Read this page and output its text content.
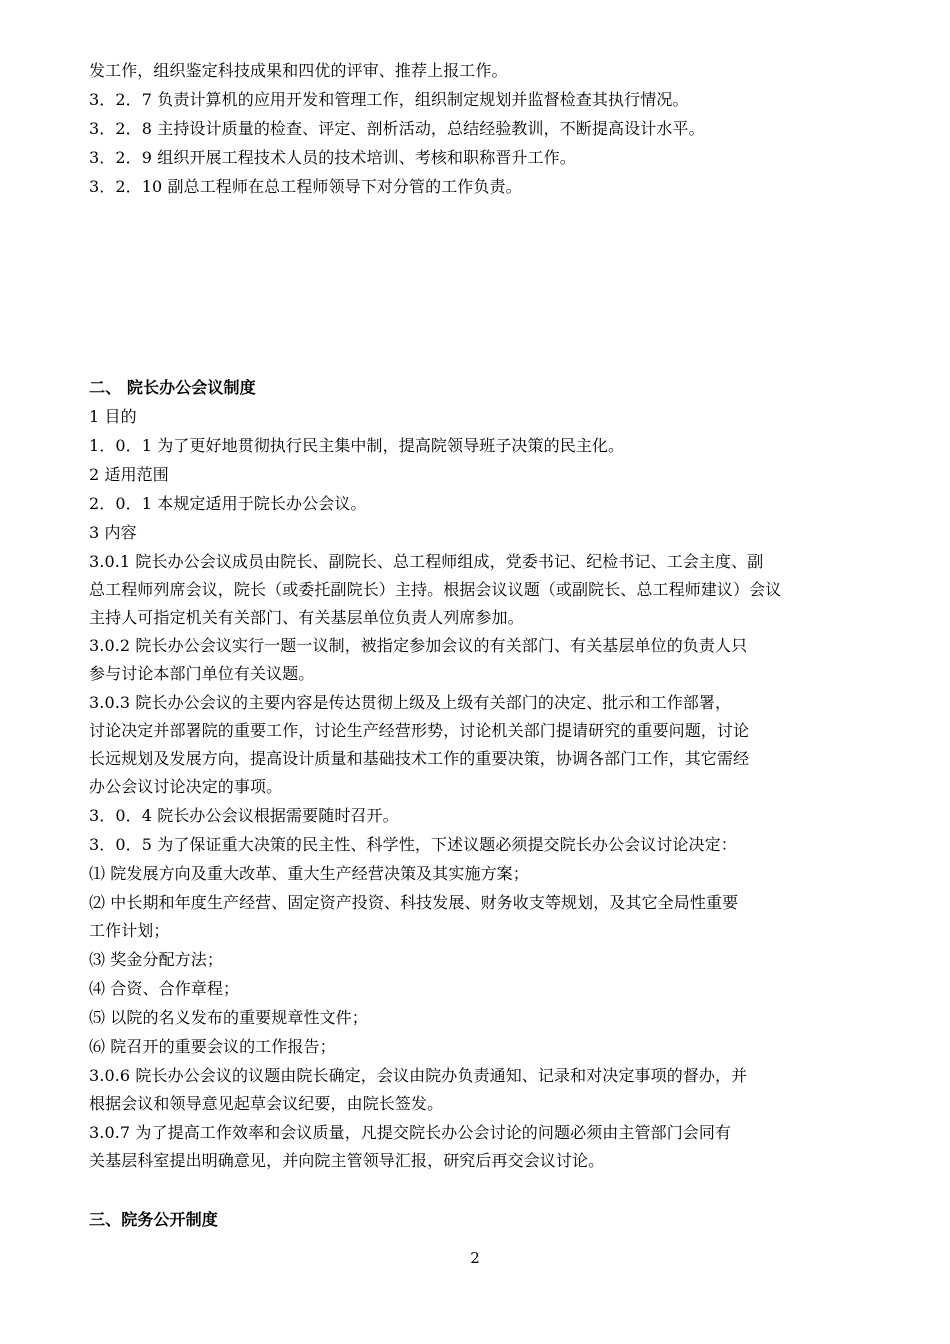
发工作，组织鉴定科技成果和四优的评审、推荐上报工作。
3．2．7 负责计算机的应用开发和管理工作，组织制定规划并监督检查其执行情况。
3．2．8 主持设计质量的检查、评定、剖析活动，总结经验教训，不断提高设计水平。
3．2．9 组织开展工程技术人员的技术培训、考核和职称晋升工作。
3．2．10 副总工程师在总工程师领导下对分管的工作负责。
二、 院长办公会议制度
1 目的
1．0．1 为了更好地贯彻执行民主集中制，提高院领导班子决策的民主化。
2 适用范围
2．0．1 本规定适用于院长办公会议。
3 内容
3.0.1 院长办公会议成员由院长、副院长、总工程师组成，党委书记、纪检书记、工会主度、副
总工程师列席会议，院长（或委托副院长）主持。根据会议议题（或副院长、总工程师建议）会议
主持人可指定机关有关部门、有关基层单位负责人列席参加。
3.0.2 院长办公会议实行一题一议制，被指定参加会议的有关部门、有关基层单位的负责人只
参与讨论本部门单位有关议题。
3.0.3 院长办公会议的主要内容是传达贯彻上级及上级有关部门的决定、批示和工作部署，
讨论决定并部署院的重要工作，讨论生产经营形势，讨论机关部门提请研究的重要问题，讨论
长远规划及发展方向，提高设计质量和基础技术工作的重要决策，协调各部门工作，其它需经
办公会议讨论决定的事项。
3．0．4 院长办公会议根据需要随时召开。
3．0．5 为了保证重大决策的民主性、科学性，下述议题必须提交院长办公会议讨论决定：
⑴ 院发展方向及重大改革、重大生产经营决策及其实施方案；
⑵ 中长期和年度生产经营、固定资产投资、科技发展、财务收支等规划，及其它全局性重要
工作计划；
⑶ 奖金分配方法；
⑷ 合资、合作章程；
⑸ 以院的名义发布的重要规章性文件；
⑹ 院召开的重要会议的工作报告；
3.0.6 院长办公会议的议题由院长确定，会议由院办负责通知、记录和对决定事项的督办，并
根据会议和领导意见起草会议纪要，由院长签发。
3.0.7 为了提高工作效率和会议质量，凡提交院长办公会讨论的问题必须由主管部门会同有
关基层科室提出明确意见，并向院主管领导汇报，研究后再交会议讨论。
三、院务公开制度
2
